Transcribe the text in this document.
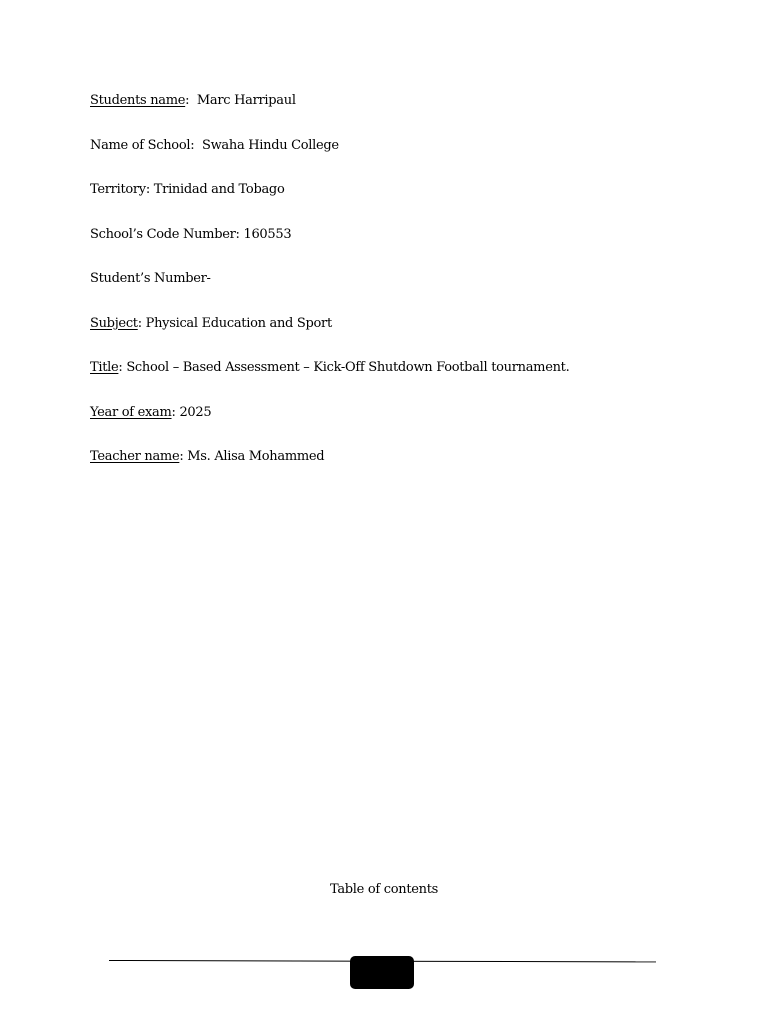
Students name:  Marc Harripaul
Name of School: Swaha Hindu College
Territory: Trinidad and Tobago
School’s Code Number: 160553
Student’s Number-
Subject: Physical Education and Sport
Title: School – Based Assessment – Kick-Off Shutdown Football tournament.
Year of exam: 2025
Teacher name: Ms. Alisa Mohammed
Table of contents
